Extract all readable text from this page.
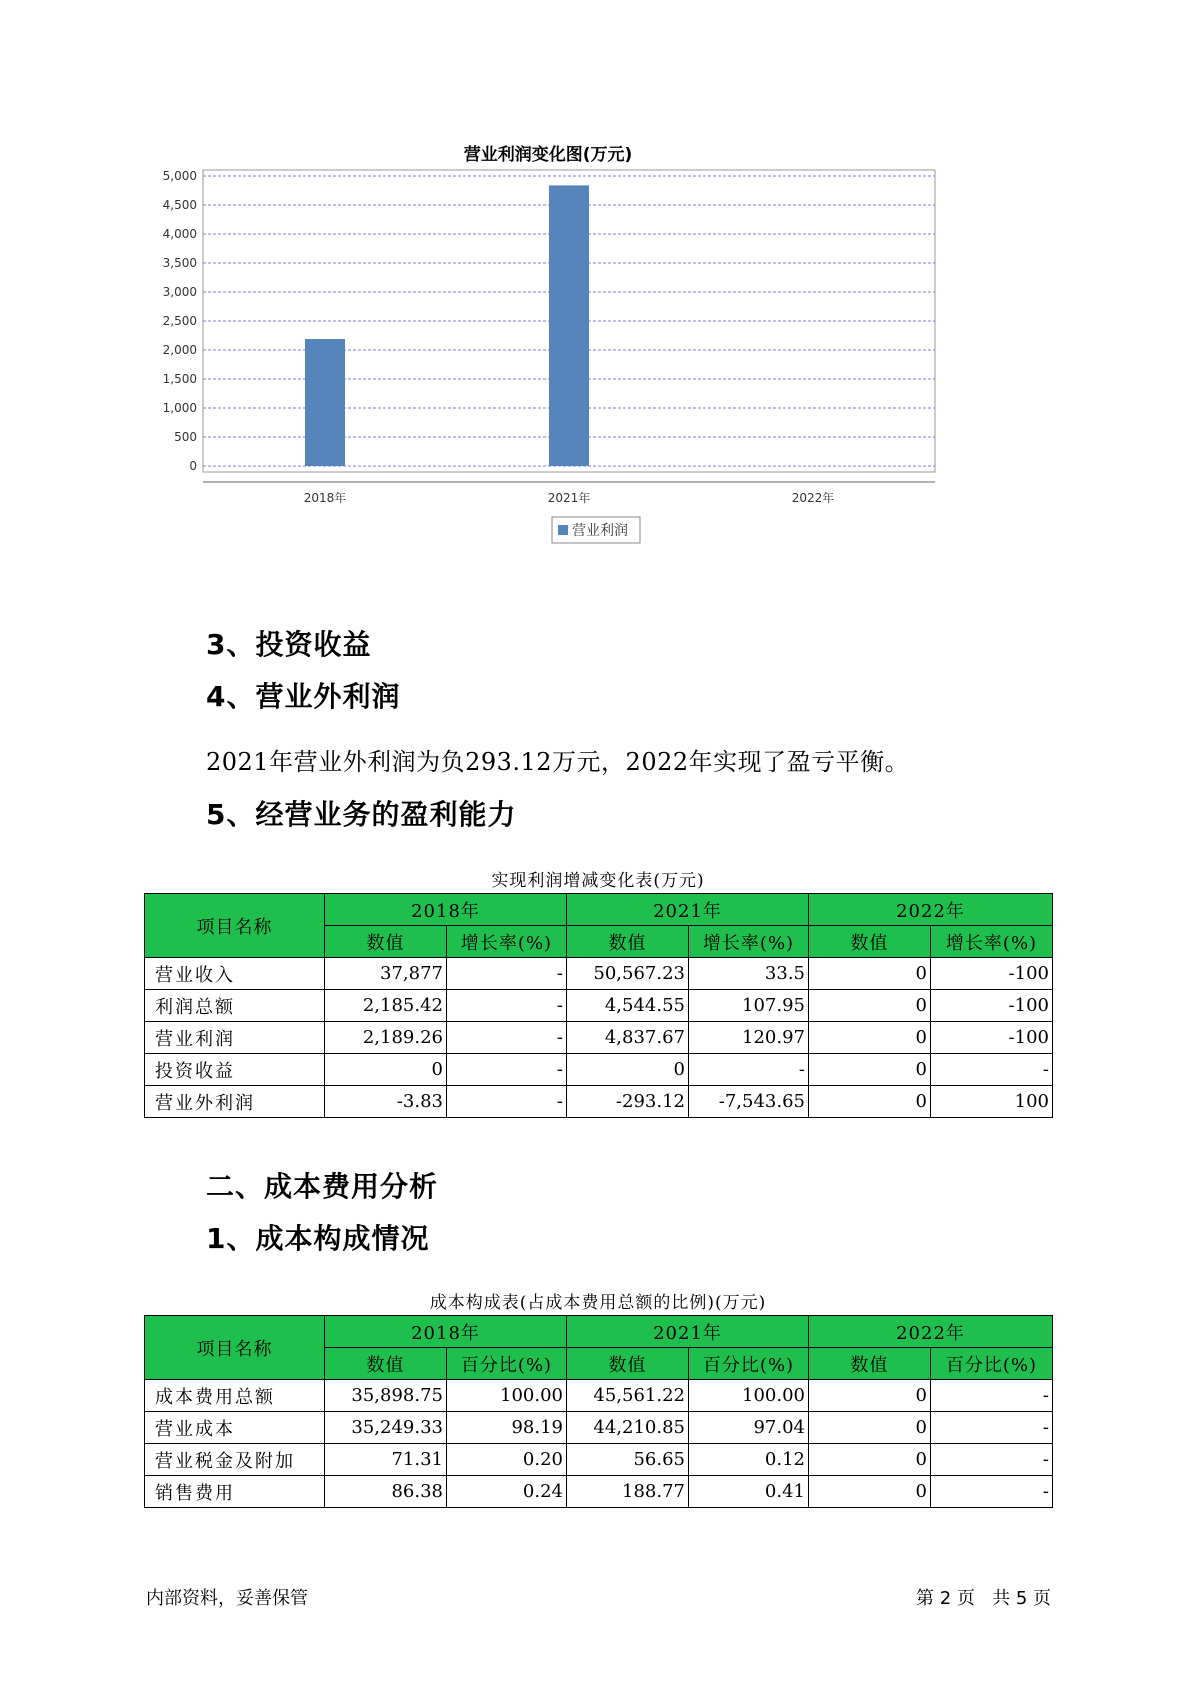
营业利润变化图(万元)
0
500
1,000
1,500
2,000
2,500
3,000
3,500
4,000
4,500
5,000
2018年	2021年	2022年
营业利润
3、投资收益
4、营业外利润
2021年营业外利润为负293.12万元，2022年实现了盈亏平衡。
5、经营业务的盈利能力
实现利润增减变化表(万元)
项目名称	2018年		2021年		2022年	
	数值	增长率(%)	数值	增长率(%)	数值	增长率(%)
营业收入	37,877	-	50,567.23	33.5	0	-100
利润总额	2,185.42	-	4,544.55	107.95	0	-100
营业利润	2,189.26	-	4,837.67	120.97	0	-100
投资收益	0	-	0	-	0	-
营业外利润	-3.83	-	-293.12	-7,543.65	0	100
二、成本费用分析
1、成本构成情况
成本构成表(占成本费用总额的比例)(万元)
项目名称	2018年		2021年		2022年	
	数值	百分比(%)	数值	百分比(%)	数值	百分比(%)
成本费用总额	35,898.75	100.00	45,561.22	100.00	0	-
营业成本	35,249.33	98.19	44,210.85	97.04	0	-
营业税金及附加	71.31	0.20	56.65	0.12	0	-
销售费用	86.38	0.24	188.77	0.41	0	-
内部资料，妥善保管	第 2 页   共 5 页
